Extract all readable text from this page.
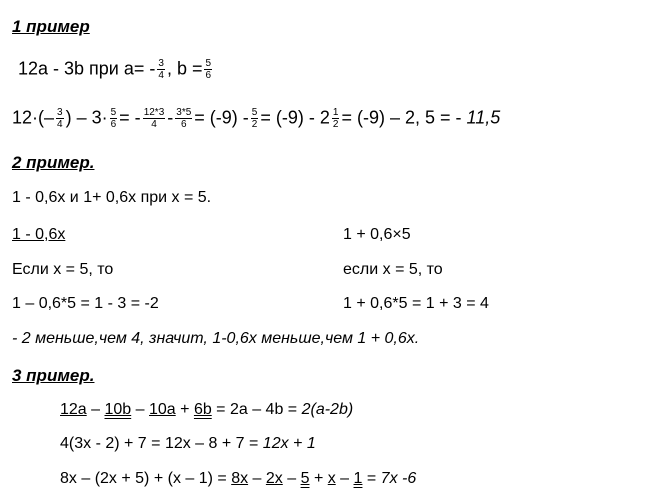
1 пример
12a - 3b при $a= - \frac{3}{4}$ , $b = \frac{5}{6}$
$12\cdot(- \frac{3}{4}$ ) – $3\cdot \frac{5}{6}$ = - $\frac{12*3}{4} - \frac{3*5}{6} = (-9) - \frac{5}{2} = (-9) - 2 \frac{1}{2} = (-9) - 2$, 5 = - 11,5
2 пример.
1 - 0,6x и 1+ 0,6x при x = 5.
1 - 0,6x	1 + 0,6×5
Если x = 5, то	если x = 5, то
1 – 0,6*5 = 1 - 3 = -2	1 + 0,6*5 = 1 + 3 = 4
- 2 меньше,чем 4, значит, 1-0,6x меньше,чем 1 + 0,6x.
3 пример.
12a – 10b – 10a + 6b = 2a – 4b = 2(a-2b)
4(3x - 2) + 7 = 12x – 8 + 7 = 12x + 1
8x – (2x + 5) + (x – 1) = 8x – 2x – 5 + x – 1 = 7x -6
